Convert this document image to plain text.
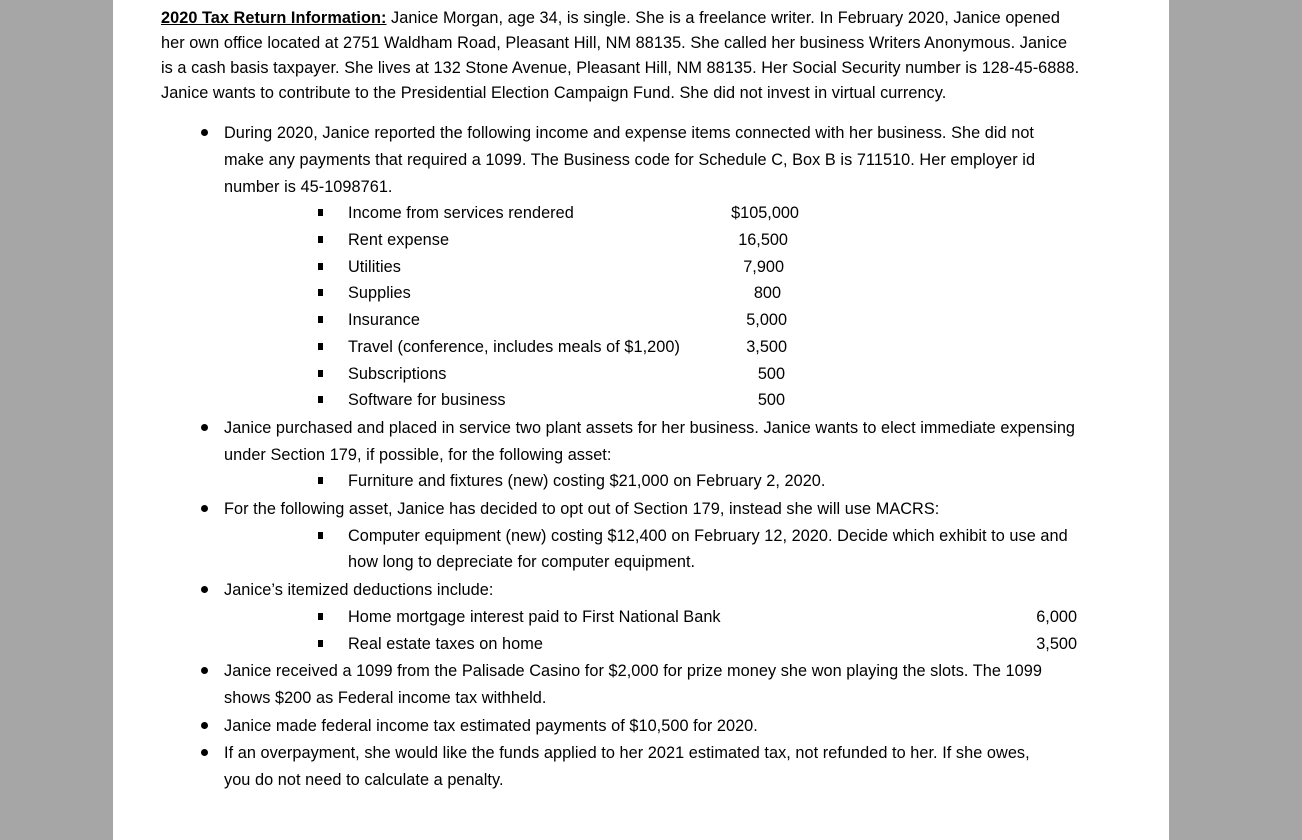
2020 Tax Return Information: Janice Morgan, age 34, is single. She is a freelance writer. In February 2020, Janice opened
her own office located at 2751 Waldham Road, Pleasant Hill, NM 88135. She called her business Writers Anonymous. Janice
is a cash basis taxpayer. She lives at 132 Stone Avenue, Pleasant Hill, NM 88135. Her Social Security number is 128-45-6888.
Janice wants to contribute to the Presidential Election Campaign Fund. She did not invest in virtual currency.
During 2020, Janice reported the following income and expense items connected with her business. She did not
make any payments that required a 1099. The Business code for Schedule C, Box B is 711510. Her employer id
number is 45-1098761.
Income from services rendered	$105,000
Rent expense	16,500
Utilities	7,900
Supplies	800
Insurance	5,000
Travel (conference, includes meals of $1,200)	3,500
Subscriptions	500
Software for business	500
Janice purchased and placed in service two plant assets for her business. Janice wants to elect immediate expensing
under Section 179, if possible, for the following asset:
Furniture and fixtures (new) costing $21,000 on February 2, 2020.
For the following asset, Janice has decided to opt out of Section 179, instead she will use MACRS:
Computer equipment (new) costing $12,400 on February 12, 2020. Decide which exhibit to use and
how long to depreciate for computer equipment.
Janice’s itemized deductions include:
Home mortgage interest paid to First National Bank	6,000
Real estate taxes on home	3,500
Janice received a 1099 from the Palisade Casino for $2,000 for prize money she won playing the slots. The 1099
shows $200 as Federal income tax withheld.
Janice made federal income tax estimated payments of $10,500 for 2020.
If an overpayment, she would like the funds applied to her 2021 estimated tax, not refunded to her. If she owes,
you do not need to calculate a penalty.
